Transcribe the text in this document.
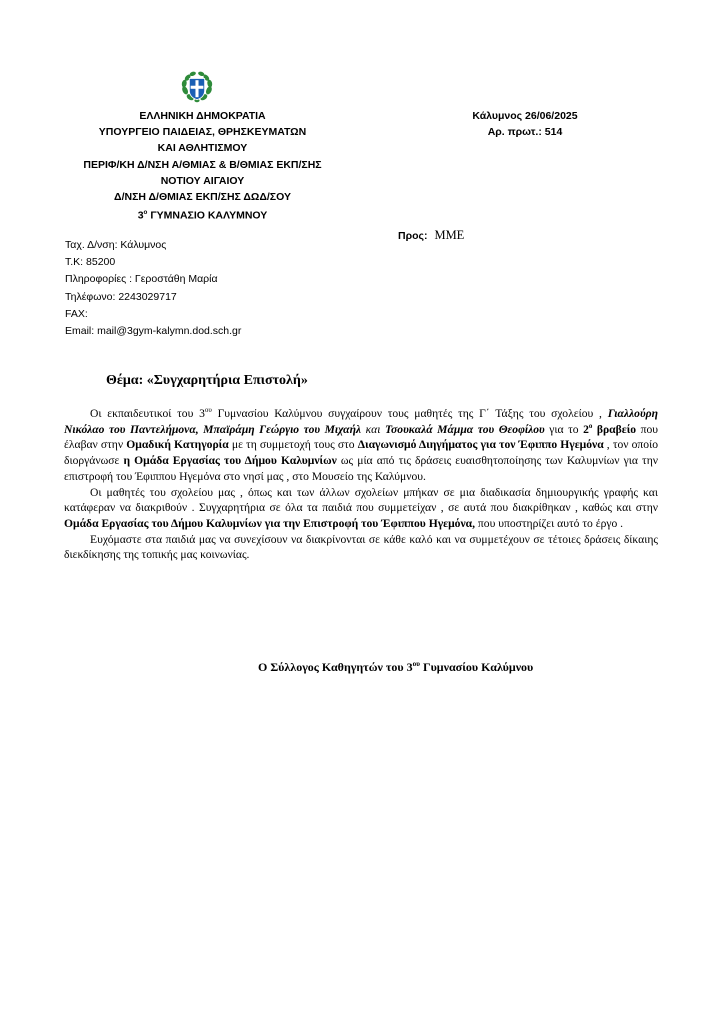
ΕΛΛΗΝΙΚΗ ΔΗΜΟΚΡΑΤΙΑ
ΥΠΟΥΡΓΕΙΟ ΠΑΙΔΕΙΑΣ, ΘΡΗΣΚΕΥΜΑΤΩΝ
ΚΑΙ ΑΘΛΗΤΙΣΜΟΥ
ΠΕΡΙΦ/ΚΗ Δ/ΝΣΗ Α/ΘΜΙΑΣ & Β/ΘΜΙΑΣ ΕΚΠ/ΣΗΣ
ΝΟΤΙΟΥ ΑΙΓΑΙΟΥ
Δ/ΝΣΗ Δ/ΘΜΙΑΣ ΕΚΠ/ΣΗΣ ΔΩΔ/ΣΟΥ
$3^o$ ΓΥΜΝΑΣΙΟ ΚΑΛΥΜΝΟΥ
Κάλυμνος 26/06/2025
Αρ. πρωτ.: 514
Προς: ΜΜΕ
Ταχ. Δ/νση: Κάλυμνος
Τ.Κ: 85200
Πληροφορίες : Γεροστάθη Μαρία
Τηλέφωνο: 2243029717
FAX:
Email: mail@3gym-kalymn.dod.sch.gr
Θέμα: «Συγχαρητήρια Επιστολή»

Οι εκπαιδευτικοί του $3^{o\upsilon}$ Γυμνασίου Καλύμνου συγχαίρουν τους μαθητές της Γ΄ Τάξης του σχολείου , Γιαλλούρη Νικόλαο του Παντελήμονα, Μπαϊράμη Γεώργιο του Μιχαήλ και Τσουκαλά Μάμμα του Θεοφίλου για το $2^o$ βραβείο που έλαβαν στην Ομαδική Κατηγορία με τη συμμετοχή τους στο Διαγωνισμό Διηγήματος για τον Έφιππο Ηγεμόνα , τον οποίο διοργάνωσε η Ομάδα Εργασίας του Δήμου Καλυμνίων ως μία από τις δράσεις ευαισθητοποίησης των Καλυμνίων για την επιστροφή του Έφιππου Ηγεμόνα στο νησί μας , στο Μουσείο της Καλύμνου.

Οι μαθητές του σχολείου μας , όπως και των άλλων σχολείων μπήκαν σε μια διαδικασία δημιουργικής γραφής και κατάφεραν να διακριθούν . Συγχαρητήρια σε όλα τα παιδιά που συμμετείχαν , σε αυτά που διακρίθηκαν , καθώς και στην Ομάδα Εργασίας του Δήμου Καλυμνίων για την Επιστροφή του Έφιππου Ηγεμόνα, που υποστηρίζει αυτό το έργο .

Ευχόμαστε στα παιδιά μας να συνεχίσουν να διακρίνονται σε κάθε καλό και να συμμετέχουν σε τέτοιες δράσεις δίκαιης διεκδίκησης της τοπικής μας κοινωνίας.

Ο Σύλλογος Καθηγητών του $3^{o\upsilon}$ Γυμνασίου Καλύμνου
